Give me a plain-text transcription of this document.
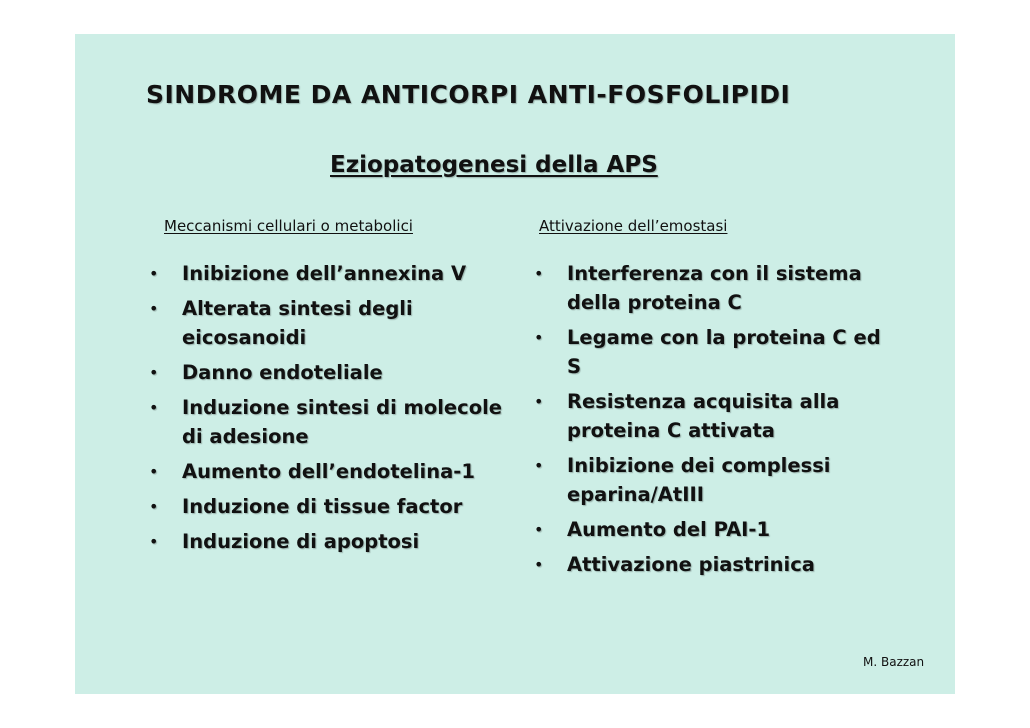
SINDROME DA ANTICORPI ANTI-FOSFOLIPIDI
Eziopatogenesi della APS
Meccanismi cellulari o metabolici	Attivazione dell’emostasi
• Inibizione dell’annexina V
• Alterata sintesi degli eicosanoidi
• Danno endoteliale
• Induzione sintesi di molecole di adesione
• Aumento dell’endotelina-1
• Induzione di tissue factor
• Induzione di apoptosi
• Interferenza con il sistema della proteina C
• Legame con la proteina C ed S
• Resistenza acquisita alla proteina C attivata
• Inibizione dei complessi eparina/AtIII
• Aumento del PAI-1
• Attivazione piastrinica
M. Bazzan
